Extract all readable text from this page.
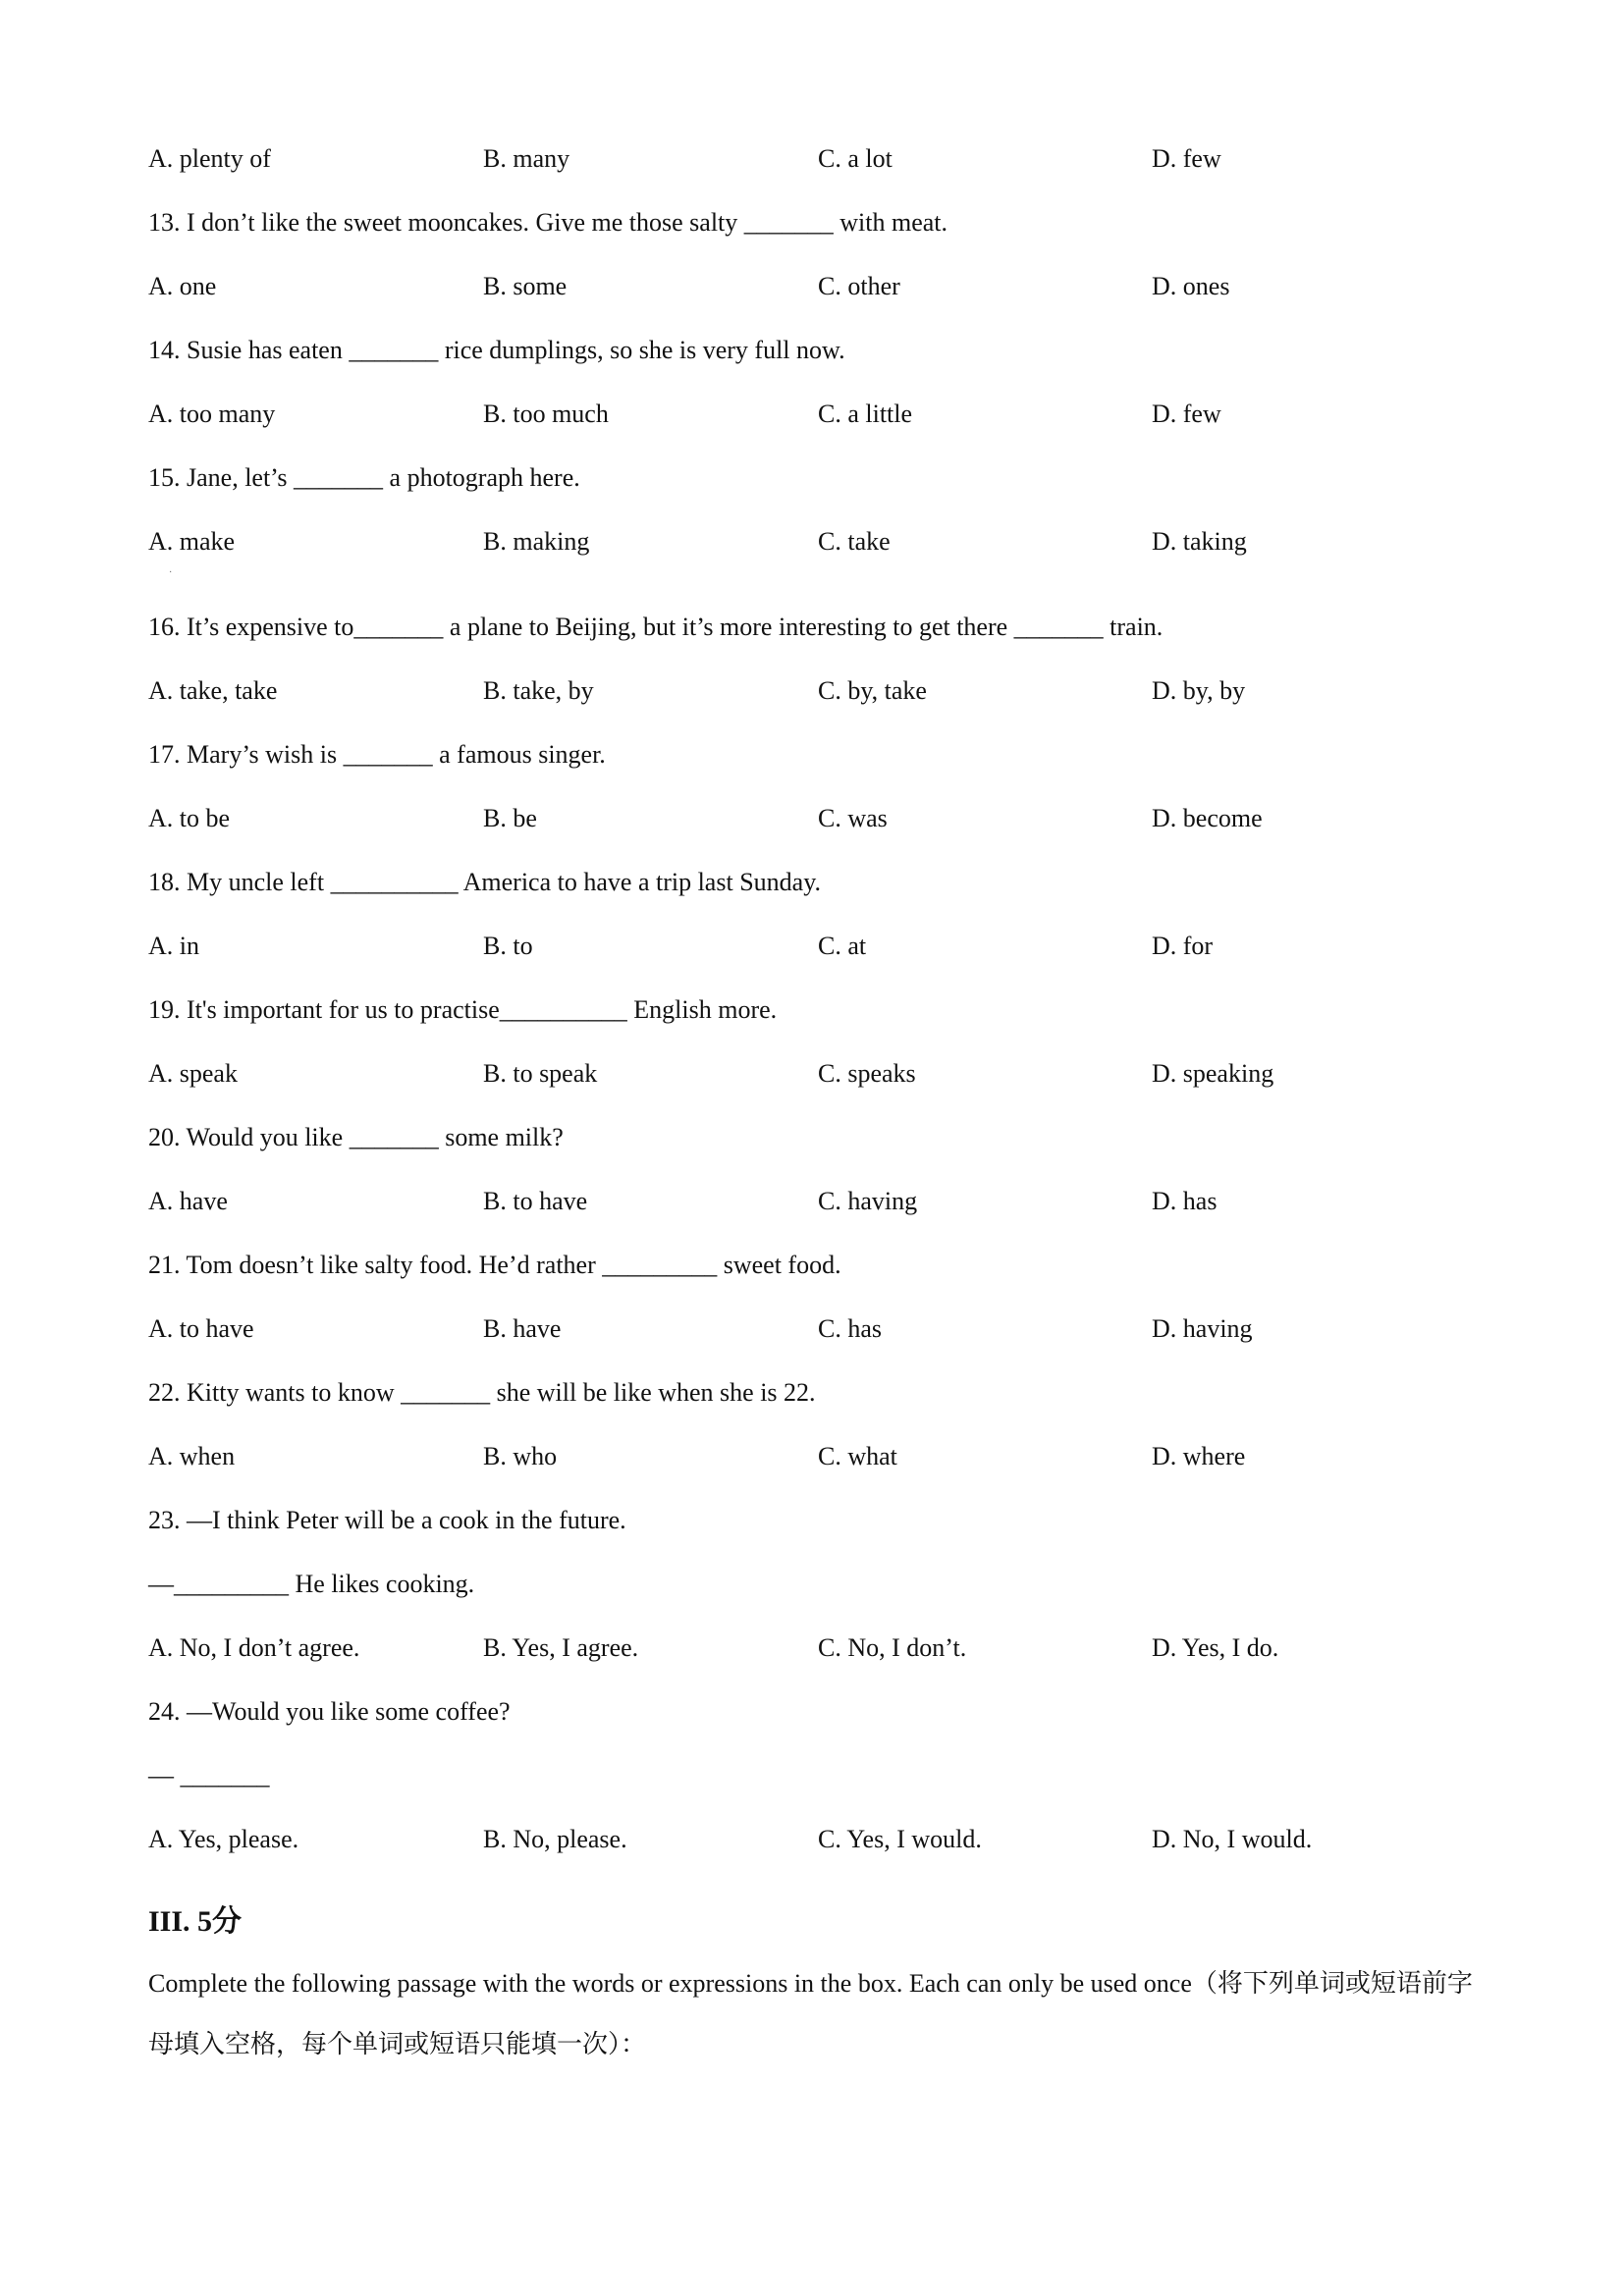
A. plenty of	B. many	C. a lot	D. few
13. I don’t like the sweet mooncakes. Give me those salty _______ with meat.
A. one	B. some	C. other	D. ones
14. Susie has eaten _______ rice dumplings, so she is very full now.
A. too many	B. too much	C. a little	D. few
15. Jane, let’s _______ a photograph here.
A. make	B. making	C. take	D. taking
16. It’s expensive to_______ a plane to Beijing, but it’s more interesting to get there _______ train.
A. take, take	B. take, by	C. by, take	D. by, by
17. Mary’s wish is _______ a famous singer.
A. to be	B. be	C. was	D. become
18. My uncle left __________ America to have a trip last Sunday.
A. in	B. to	C. at	D. for
19. It's important for us to practise__________ English more.
A. speak	B. to speak	C. speaks	D. speaking
20. Would you like _______ some milk?
A. have	B. to have	C. having	D. has
21. Tom doesn’t like salty food. He’d rather _________ sweet food.
A. to have	B. have	C. has	D. having
22. Kitty wants to know _______ she will be like when she is 22.
A. when	B. who	C. what	D. where
23. —I think Peter will be a cook in the future.
—_________ He likes cooking.
A. No, I don’t agree.	B. Yes, I agree.	C. No, I don’t.	D. Yes, I do.
24. —Would you like some coffee?
— _______
A. Yes, please.	B. No, please.	C. Yes, I would.	D. No, I would.
·
III. 5分
Complete the following passage with the words or expressions in the box. Each can only be used once（将下列单词或短语前字母填入空格，每个单词或短语只能填一次）：
